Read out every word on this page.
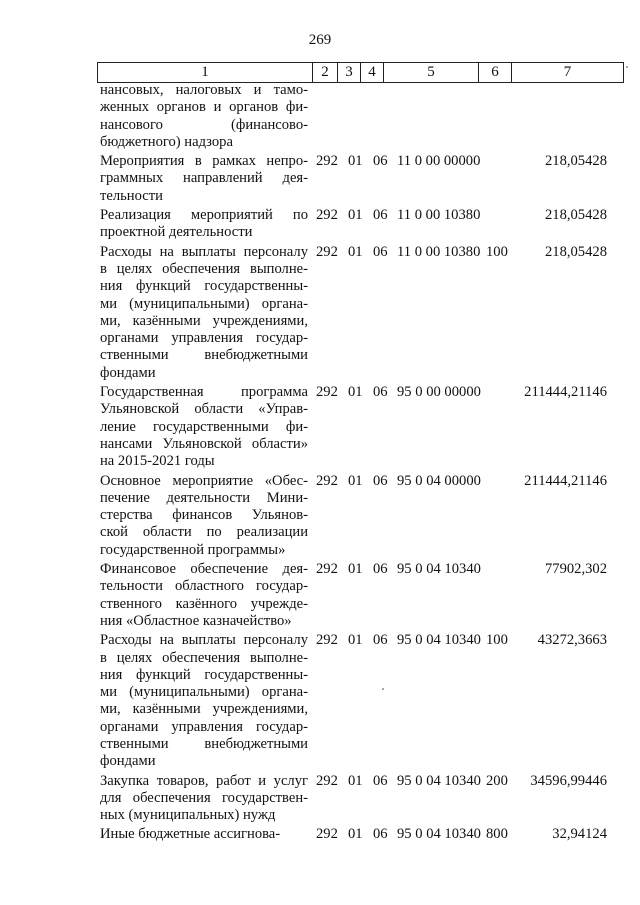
269
1	2	3	4	5	6	7
нансовых, налоговых и тамо-
женных органов и органов фи-
нансового (финансово-
бюджетного) надзора
Мероприятия в рамках непро-
граммных направлений дея-
тельности
292 01 06 11 0 00 00000	218,05428
Реализация мероприятий по
проектной деятельности
292 01 06 11 0 00 10380	218,05428
Расходы на выплаты персоналу
в целях обеспечения выполне-
ния функций государственны-
ми (муниципальными) органа-
ми, казёнными учреждениями,
органами управления государ-
ственными внебюджетными
фондами
292 01 06 11 0 00 10380 100	218,05428
Государственная программа
Ульяновской области «Управ-
ление государственными фи-
нансами Ульяновской области»
на 2015-2021 годы
292 01 06 95 0 00 00000	211444,21146
Основное мероприятие «Обес-
печение деятельности Мини-
стерства финансов Ульянов-
ской области по реализации
государственной программы»
292 01 06 95 0 04 00000	211444,21146
Финансовое обеспечение дея-
тельности областного государ-
ственного казённого учрежде-
ния «Областное казначейство»
292 01 06 95 0 04 10340	77902,302
Расходы на выплаты персоналу
в целях обеспечения выполне-
ния функций государственны-
ми (муниципальными) органа-
ми, казёнными учреждениями,
органами управления государ-
ственными внебюджетными
фондами
292 01 06 95 0 04 10340 100	43272,3663
Закупка товаров, работ и услуг
для обеспечения государствен-
ных (муниципальных) нужд
292 01 06 95 0 04 10340 200	34596,99446
Иные бюджетные ассигнова-	292 01 06 95 0 04 10340 800	32,94124
